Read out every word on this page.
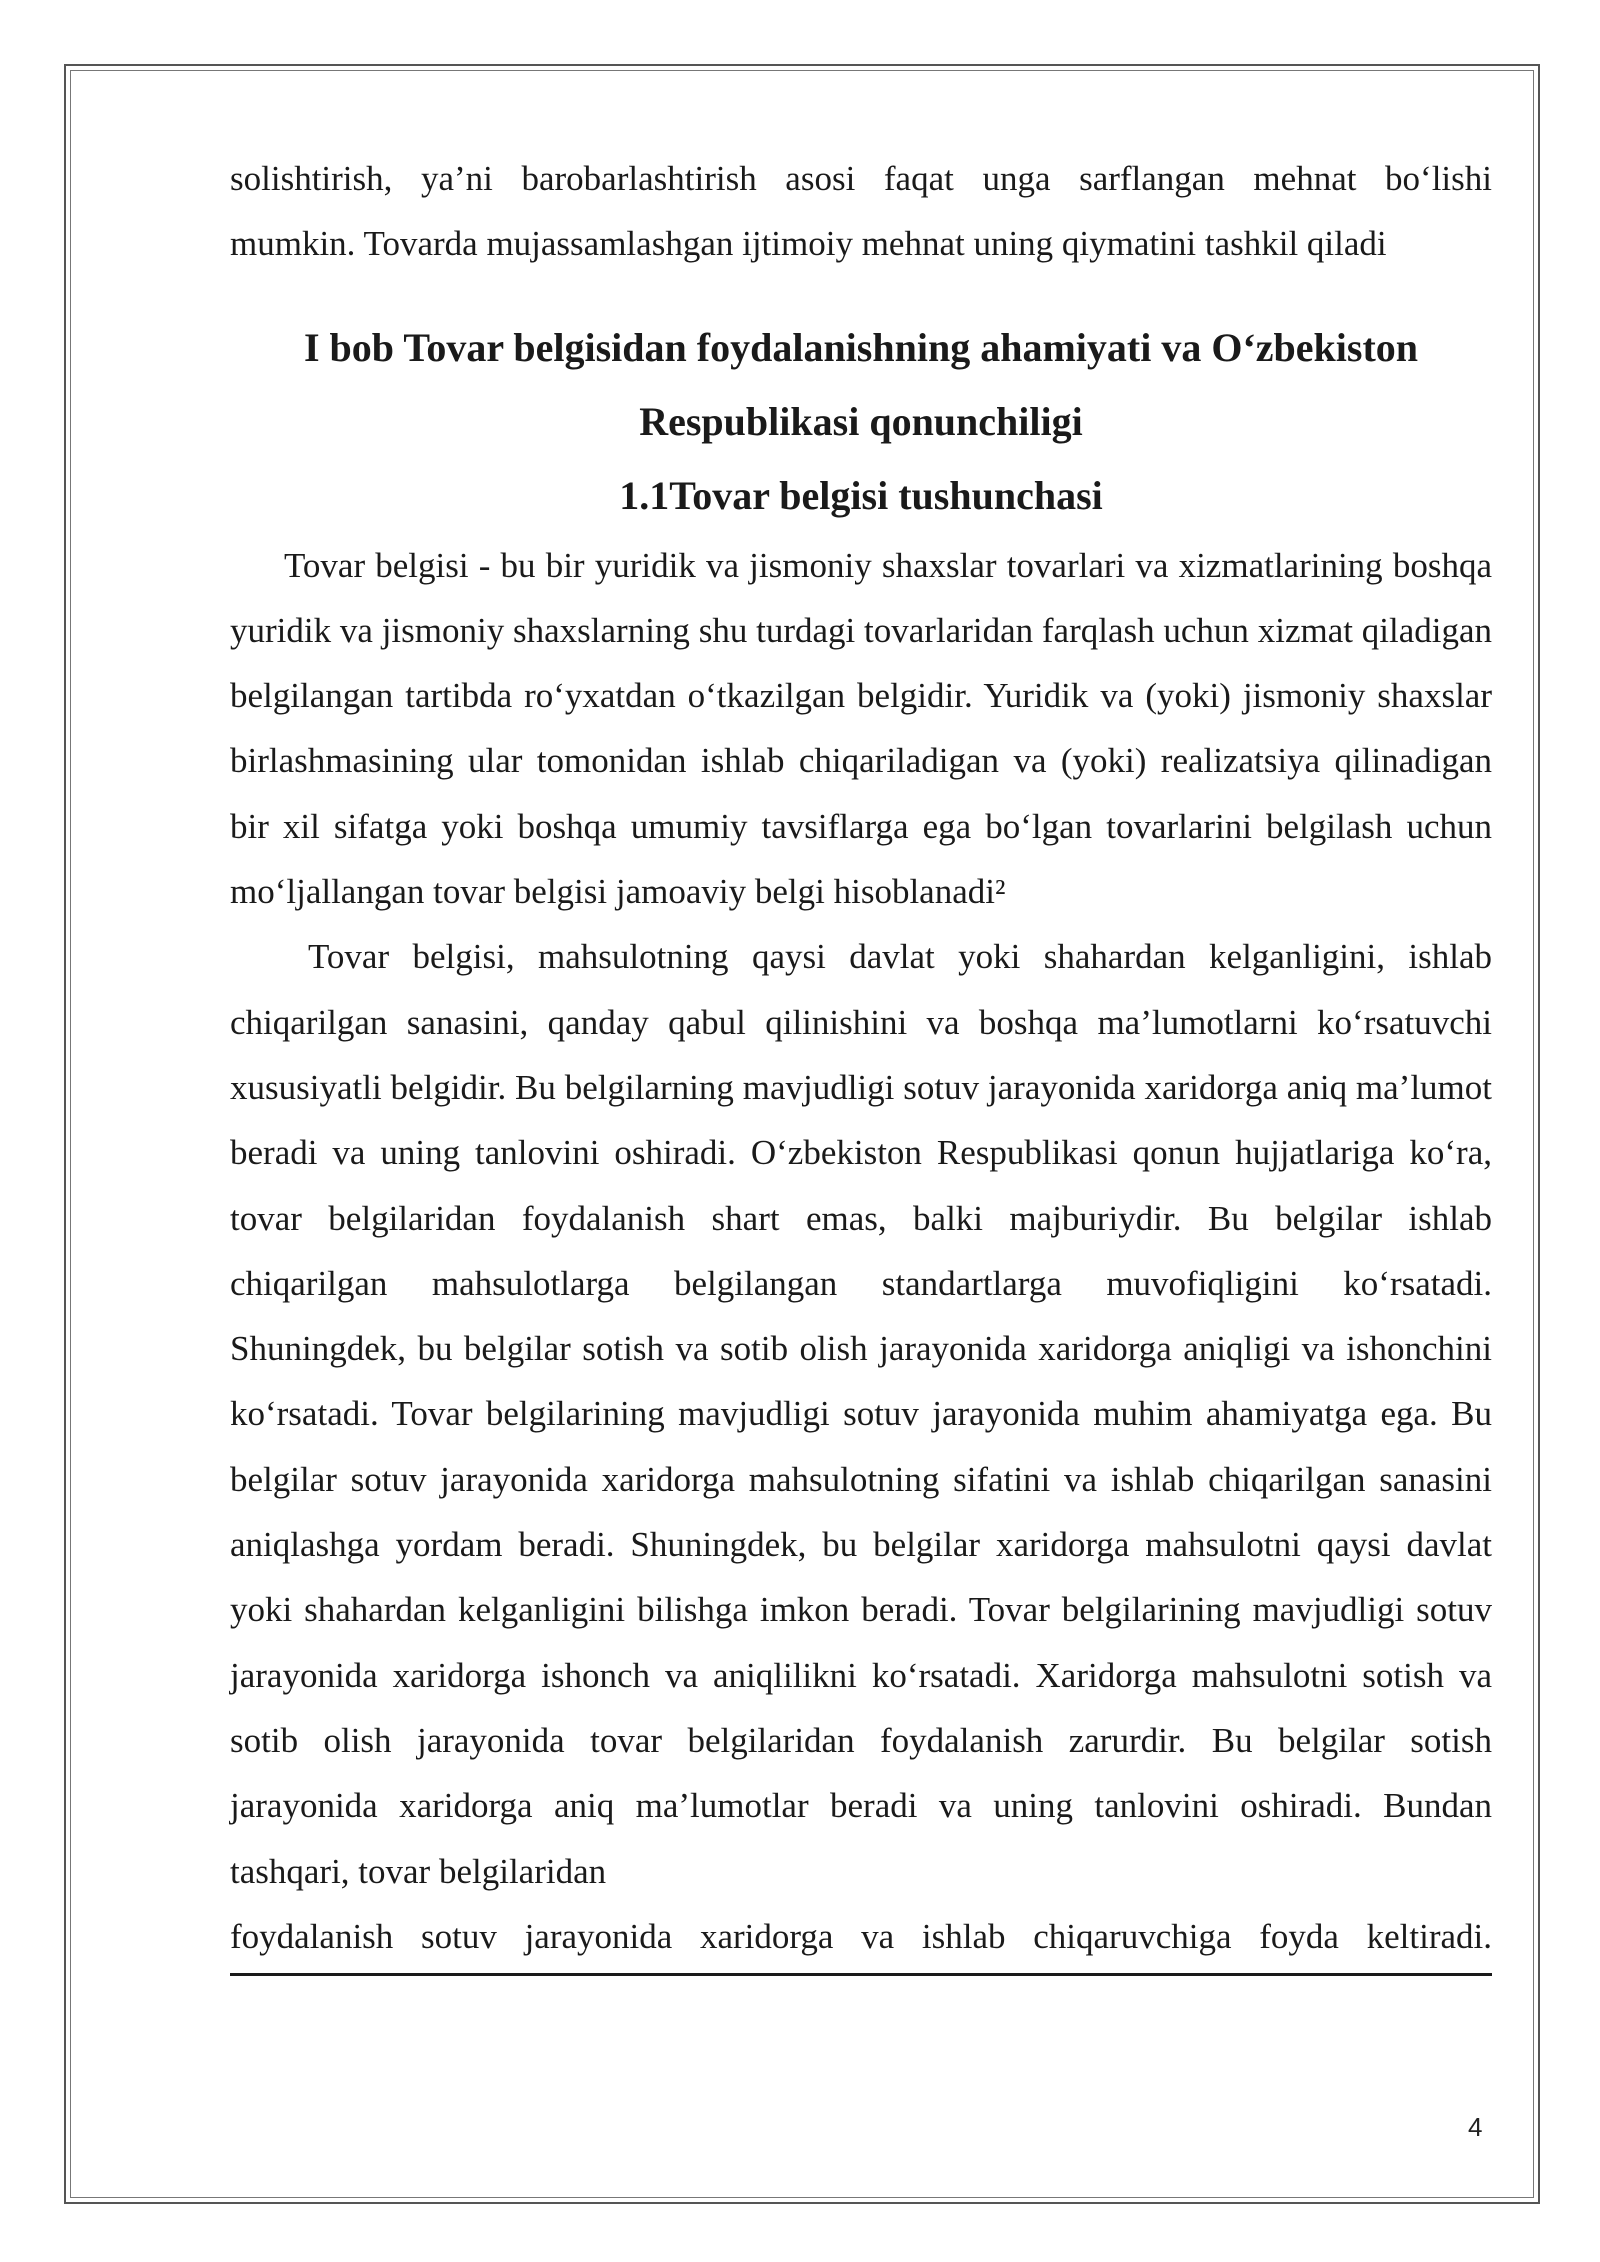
solishtirish, ya’ni barobarlashtirish asosi faqat unga sarflangan mehnat bo‘lishi

mumkin. Tovarda mujassamlashgan ijtimoiy mehnat uning qiymatini tashkil qiladi

I bob Tovar belgisidan foydalanishning ahamiyati va O‘zbekiston
Respublikasi qonunchiligi
1.1Tovar belgisi tushunchasi

Tovar belgisi - bu bir yuridik va jismoniy shaxslar tovarlari va xizmatlarining boshqa yuridik va jismoniy shaxslarning shu turdagi tovarlaridan farqlash uchun xizmat qiladigan belgilangan tartibda ro‘yxatdan o‘tkazilgan belgidir. Yuridik va (yoki) jismoniy shaxslar birlashmasining ular tomonidan ishlab chiqariladigan va (yoki) realizatsiya qilinadigan bir xil sifatga yoki boshqa umumiy tavsiflarga ega bo‘lgan tovarlarini belgilash uchun mo‘ljallangan tovar belgisi jamoaviy belgi hisoblanadi²

Tovar belgisi, mahsulotning qaysi davlat yoki shahardan kelganligini, ishlab chiqarilgan sanasini, qanday qabul qilinishini va boshqa ma’lumotlarni ko‘rsatuvchi xususiyatli belgidir. Bu belgilarning mavjudligi sotuv jarayonida xaridorga aniq ma’lumot beradi va uning tanlovini oshiradi. O‘zbekiston Respublikasi qonun hujjatlariga ko‘ra, tovar belgilaridan foydalanish shart emas, balki majburiydir. Bu belgilar ishlab chiqarilgan mahsulotlarga belgilangan standartlarga muvofiqligini ko‘rsatadi. Shuningdek, bu belgilar sotish va sotib olish jarayonida xaridorga aniqligi va ishonchini ko‘rsatadi. Tovar belgilarining mavjudligi sotuv jarayonida muhim ahamiyatga ega. Bu belgilar sotuv jarayonida xaridorga mahsulotning sifatini va ishlab chiqarilgan sanasini aniqlashga yordam beradi. Shuningdek, bu belgilar xaridorga mahsulotni qaysi davlat yoki shahardan kelganligini bilishga imkon beradi. Tovar belgilarining mavjudligi sotuv jarayonida xaridorga ishonch va aniqlilikni ko‘rsatadi. Xaridorga mahsulotni sotish va sotib olish jarayonida tovar belgilaridan foydalanish zarurdir. Bu belgilar sotish jarayonida xaridorga aniq ma’lumotlar beradi va uning tanlovini oshiradi. Bundan tashqari, tovar belgilaridan

foydalanish sotuv jarayonida xaridorga va ishlab chiqaruvchiga foyda keltiradi.

4
